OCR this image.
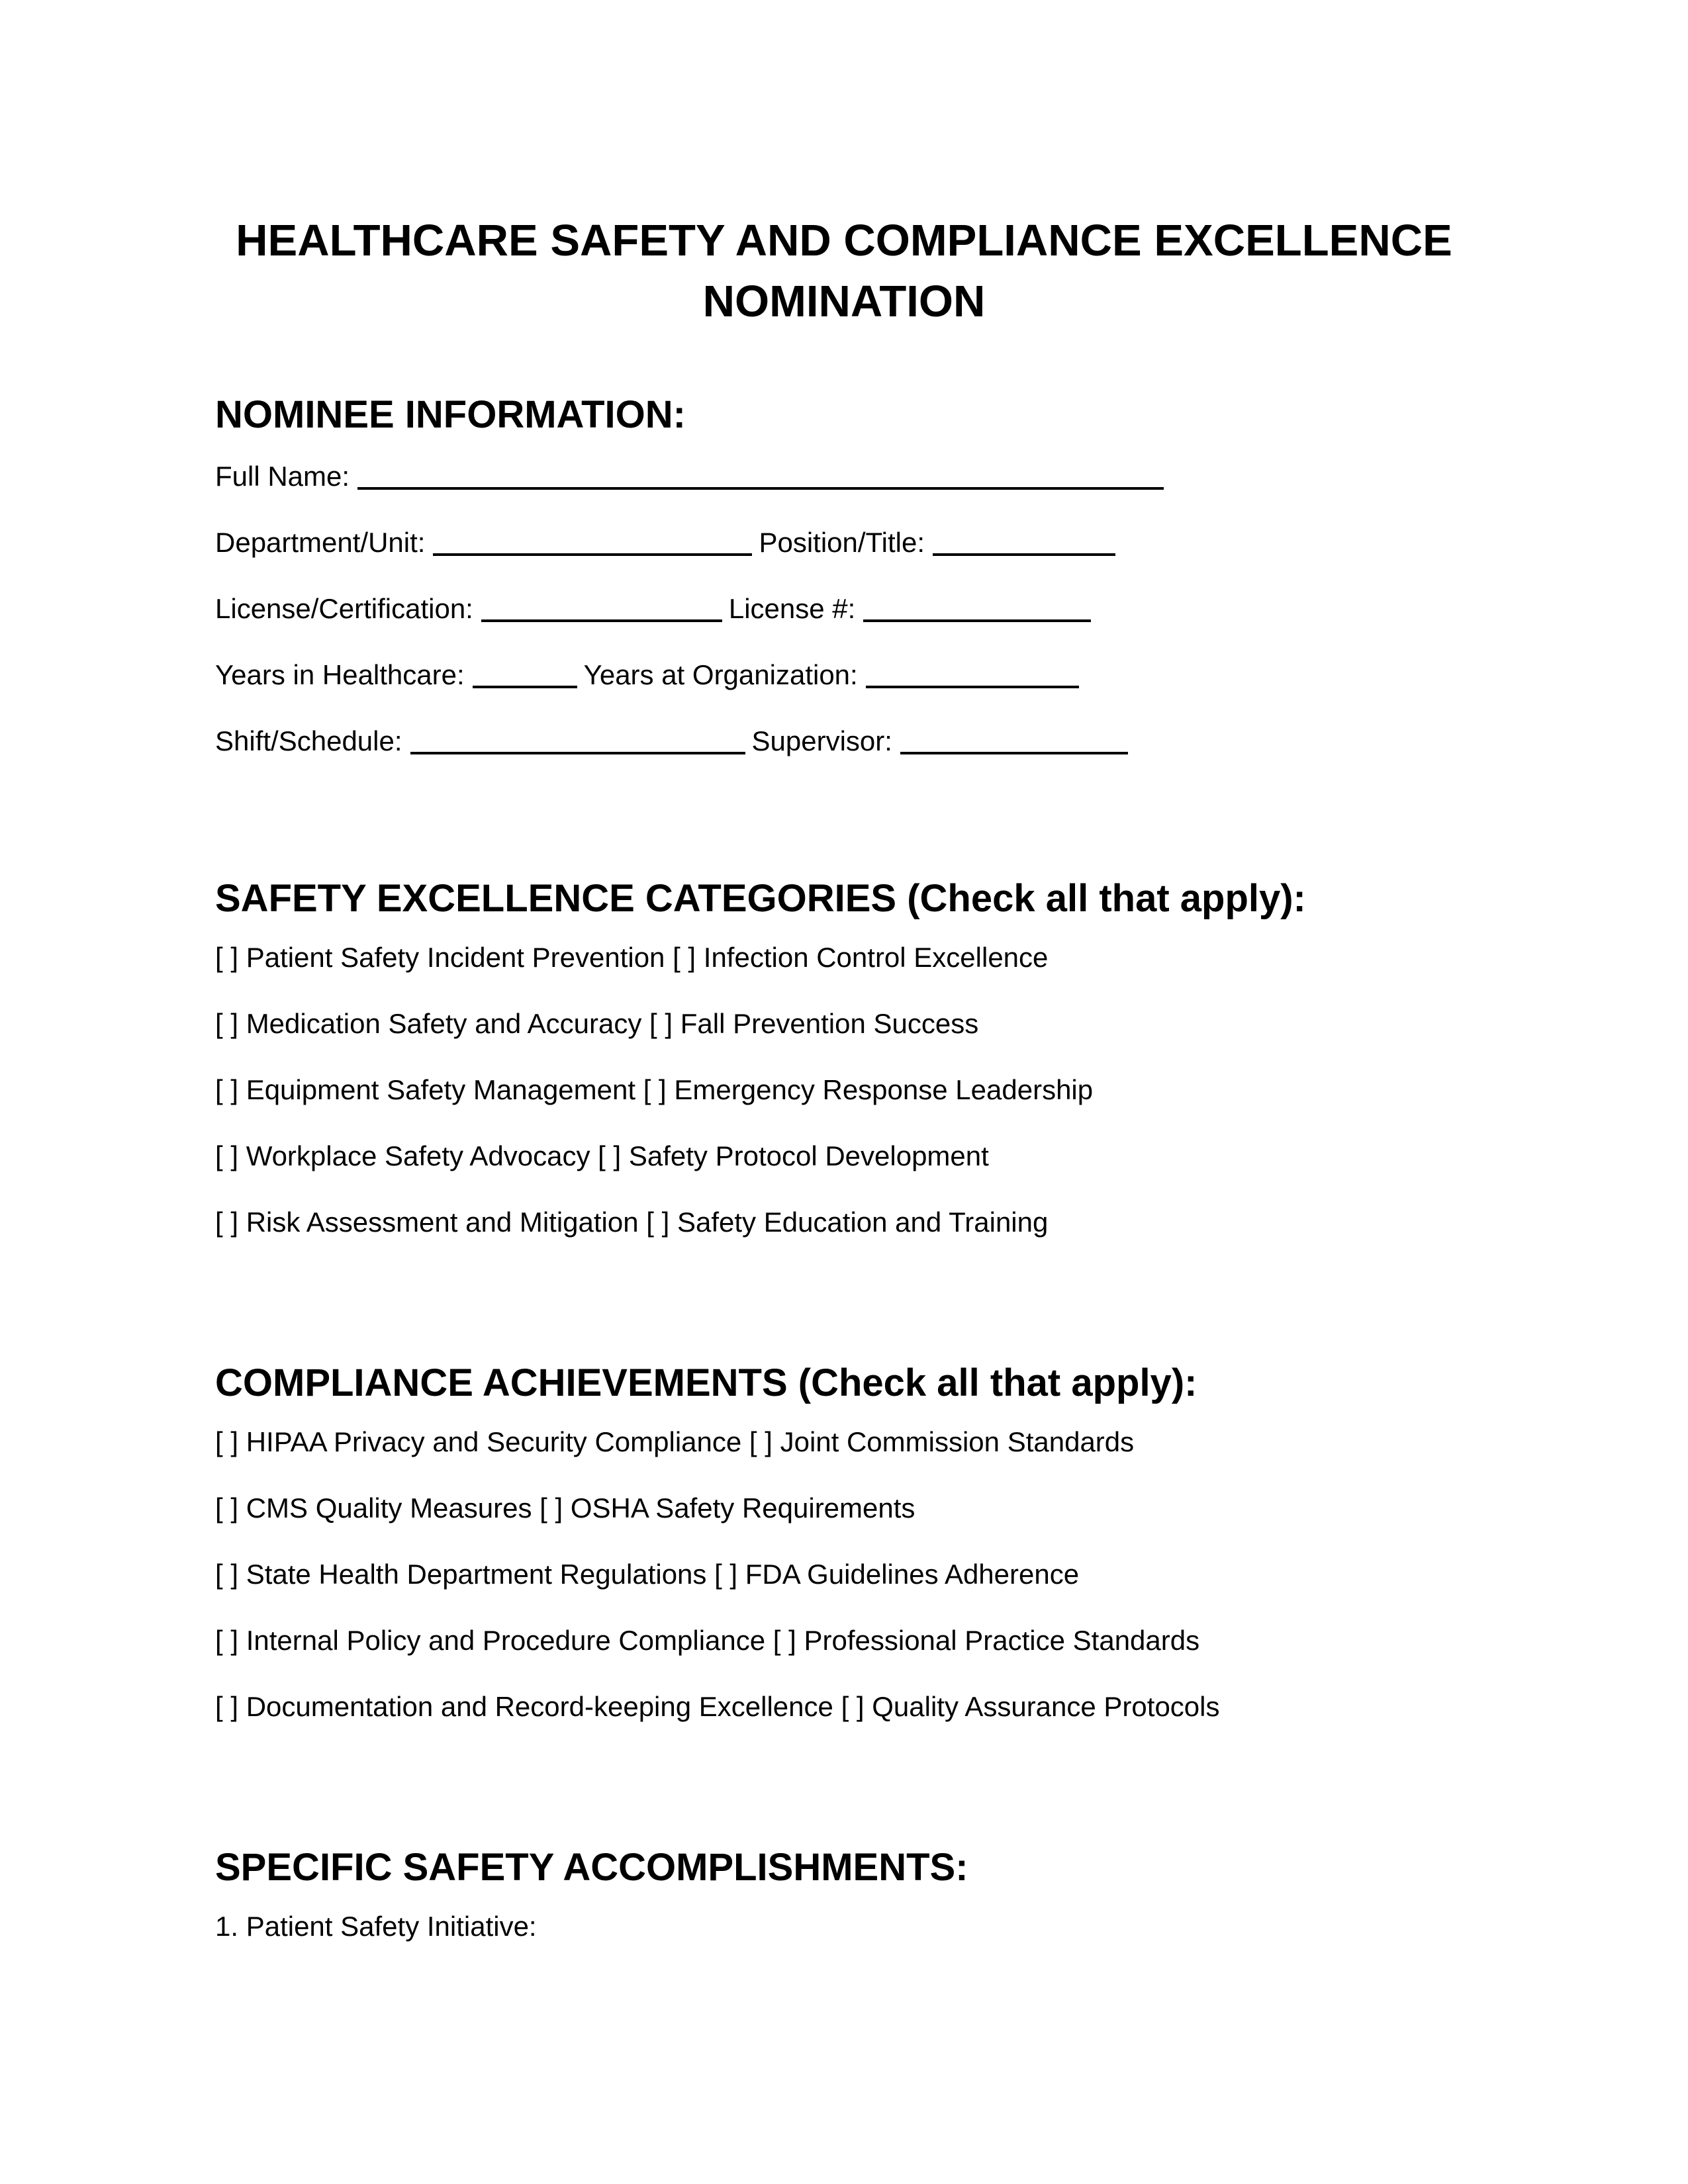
HEALTHCARE SAFETY AND COMPLIANCE EXCELLENCE NOMINATION
NOMINEE INFORMATION:
Full Name:
Department/Unit:	Position/Title:
License/Certification:	License #:
Years in Healthcare:	Years at Organization:
Shift/Schedule:	Supervisor:
SAFETY EXCELLENCE CATEGORIES (Check all that apply):
[ ] Patient Safety Incident Prevention [ ] Infection Control Excellence
[ ] Medication Safety and Accuracy [ ] Fall Prevention Success
[ ] Equipment Safety Management [ ] Emergency Response Leadership
[ ] Workplace Safety Advocacy [ ] Safety Protocol Development
[ ] Risk Assessment and Mitigation [ ] Safety Education and Training
COMPLIANCE ACHIEVEMENTS (Check all that apply):
[ ] HIPAA Privacy and Security Compliance [ ] Joint Commission Standards
[ ] CMS Quality Measures [ ] OSHA Safety Requirements
[ ] State Health Department Regulations [ ] FDA Guidelines Adherence
[ ] Internal Policy and Procedure Compliance [ ] Professional Practice Standards
[ ] Documentation and Record-keeping Excellence [ ] Quality Assurance Protocols
SPECIFIC SAFETY ACCOMPLISHMENTS:
1. Patient Safety Initiative:
